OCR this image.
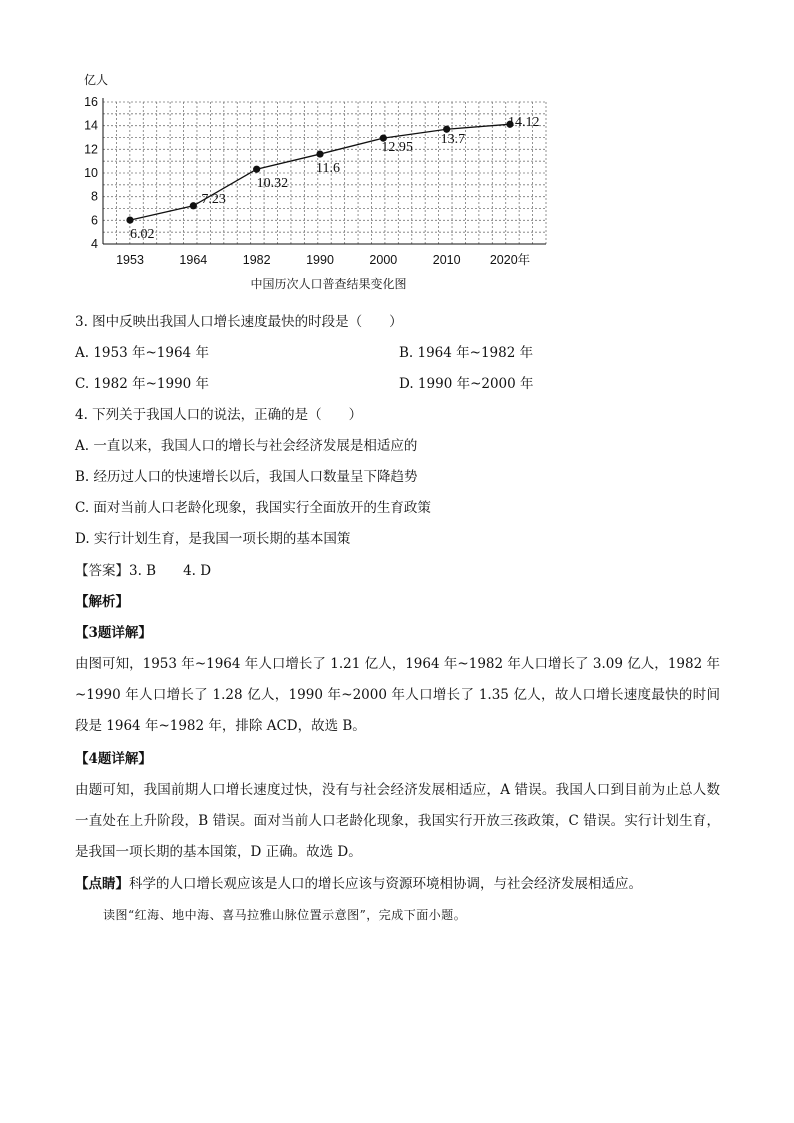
16
14
12
10
8
6
4
亿人
1953	1964	1982	1990	2000	2010 2020年
6.02
7.23
10.32
11.6
12.95
13.7
14.12
中国历次人口普查结果变化图
3. 图中反映出我国人口增长速度最快的时段是（　　）
A. 1953 年~1964 年	B. 1964 年~1982 年
C. 1982 年~1990 年	D. 1990 年~2000 年
4. 下列关于我国人口的说法，正确的是（　　）
A. 一直以来，我国人口的增长与社会经济发展是相适应的
B. 经历过人口的快速增长以后，我国人口数量呈下降趋势
C. 面对当前人口老龄化现象，我国实行全面放开的生育政策
D. 实行计划生育，是我国一项长期的基本国策
【答案】3. B　　4. D
【解析】
【3题详解】
由图可知，1953 年~1964 年人口增长了 1.21 亿人，1964 年~1982 年人口增长了 3.09 亿人，1982 年~1990 年人口增长了 1.28 亿人，1990 年~2000 年人口增长了 1.35 亿人，故人口增长速度最快的时间段是 1964 年~1982 年，排除 ACD，故选 B。
【4题详解】
由题可知，我国前期人口增长速度过快，没有与社会经济发展相适应，A 错误。我国人口到目前为止总人数一直处在上升阶段，B 错误。面对当前人口老龄化现象，我国实行开放三孩政策，C 错误。实行计划生育，是我国一项长期的基本国策，D 正确。故选 D。
【点睛】科学的人口增长观应该是人口的增长应该与资源环境相协调，与社会经济发展相适应。
读图“红海、地中海、喜马拉雅山脉位置示意图”，完成下面小题。
